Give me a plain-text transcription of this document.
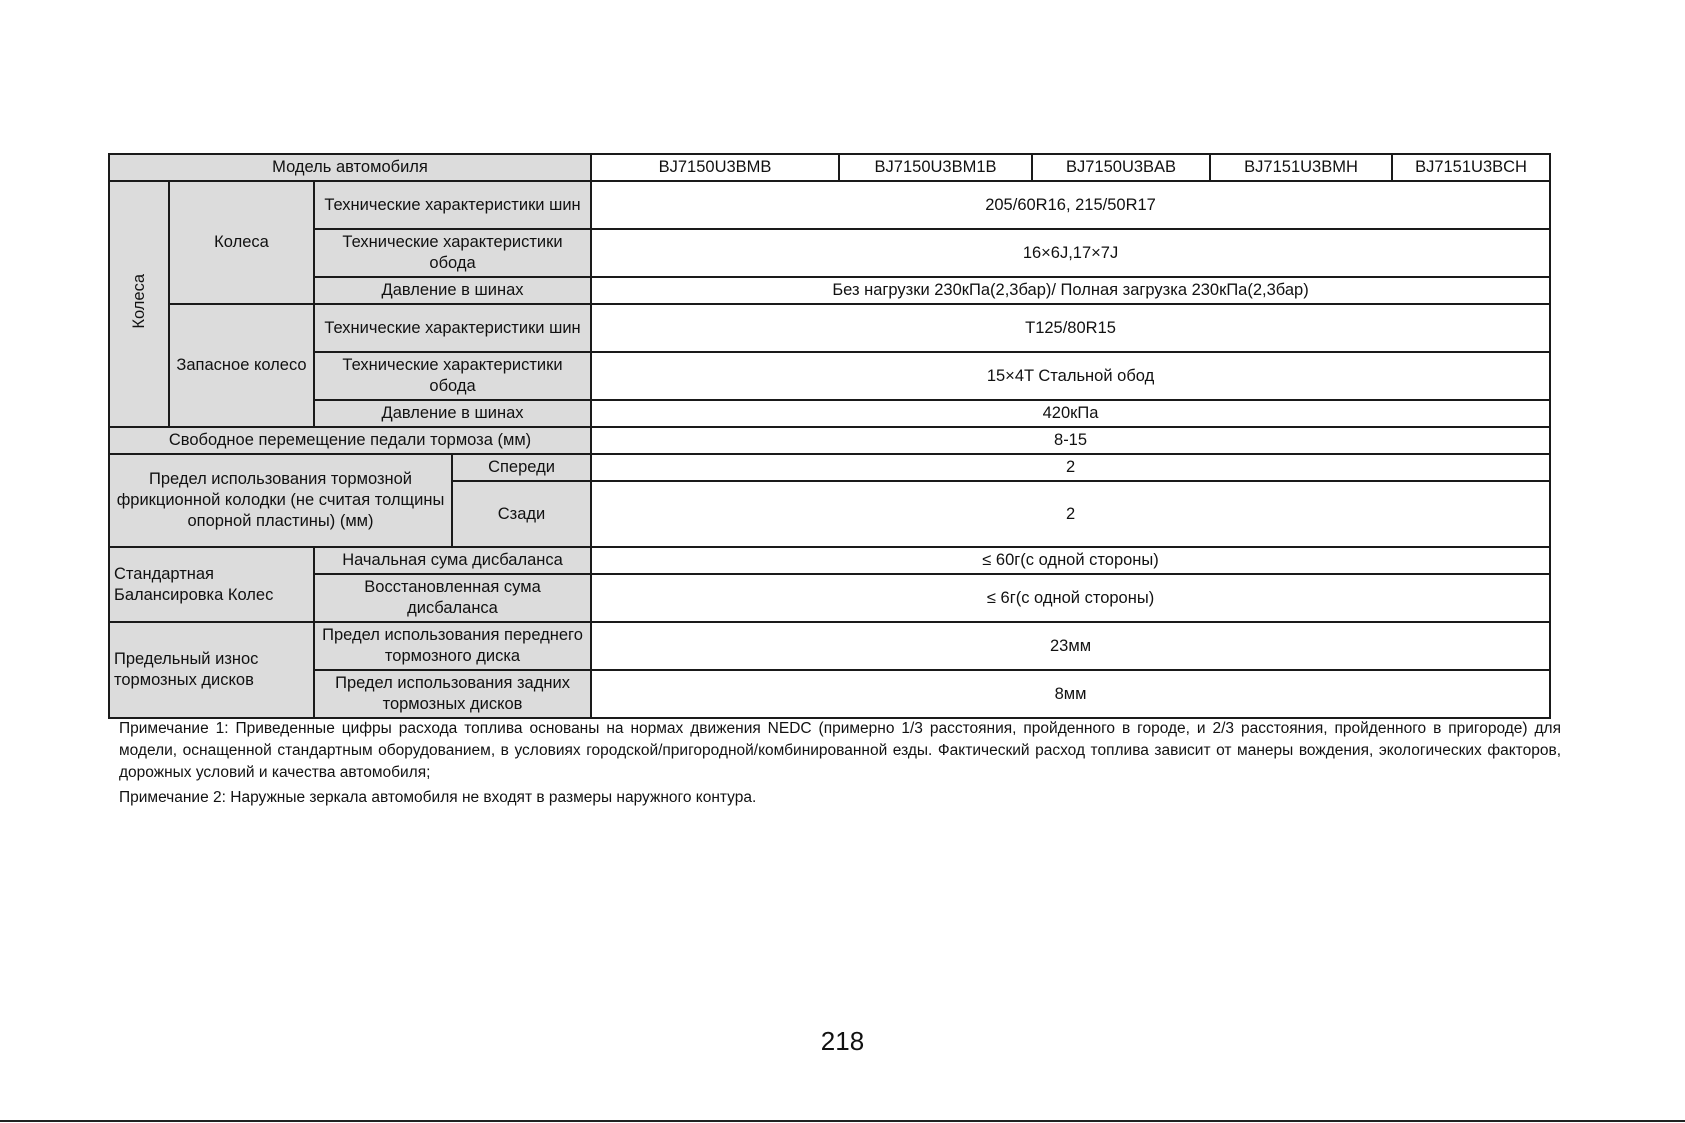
Модель автомобиля				BJ7150U3BMB	BJ7150U3BM1B	BJ7150U3BAB	BJ7151U3BMH	BJ7151U3BCH
Колеса	Колеса	Технические характеристики шин		205/60R16, 215/50R17				
		Технические характеристики обода		16×6J,17×7J				
		Давление в шинах		Без нагрузки 230кПа(2,3бар)/ Полная загрузка 230кПа(2,3бар)				
	Запасное колесо	Технические характеристики шин		T125/80R15				
		Технические характеристики обода		15×4T Стальной обод				
		Давление в шинах		420кПа				
Свободное перемещение педали тормоза (мм)				8-15				
Предел использования тормозной фрикционной колодки (не считая толщины опорной пластины) (мм)			Спереди	2				
			Сзади	2				
Стандартная Балансировка Колес		Начальная сума дисбаланса		≤ 60г(с одной стороны)				
		Восстановленная сума дисбаланса		≤ 6г(с одной стороны)				
Предельный износ тормозных дисков		Предел использования переднего тормозного диска		23мм				
		Предел использования задних тормозных дисков		8мм				

Примечание 1: Приведенные цифры расхода топлива основаны на нормах движения NEDC (примерно 1/3 расстояния, пройденного в городе, и 2/3 расстояния, пройденного в пригороде) для модели, оснащенной стандартным оборудованием, в условиях городской/пригородной/комбинированной езды. Фактический расход топлива зависит от манеры вождения, экологических факторов, дорожных условий и качества автомобиля;

Примечание 2: Наружные зеркала автомобиля не входят в размеры наружного контура.

218
